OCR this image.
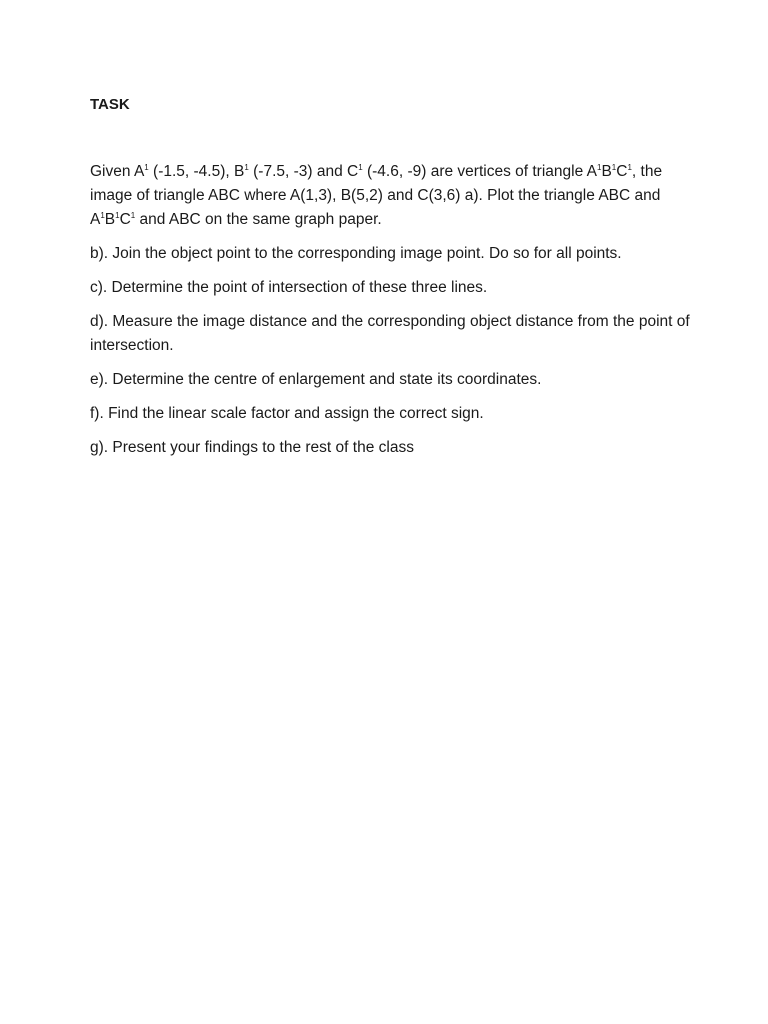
TASK

Given $A^1$ (-1.5, -4.5), $B^1$ (-7.5, -3) and $C^1$ (-4.6, -9) are vertices of triangle $A^1B^1C^1$, the image of triangle ABC where A(1,3), B(5,2) and C(3,6) a). Plot the triangle ABC and $A^1B^1C^1$ and ABC on the same graph paper.

b). Join the object point to the corresponding image point. Do so for all points.

c). Determine the point of intersection of these three lines.

d). Measure the image distance and the corresponding object distance from the point of intersection.

e). Determine the centre of enlargement and state its coordinates.

f). Find the linear scale factor and assign the correct sign.

g). Present your findings to the rest of the class
